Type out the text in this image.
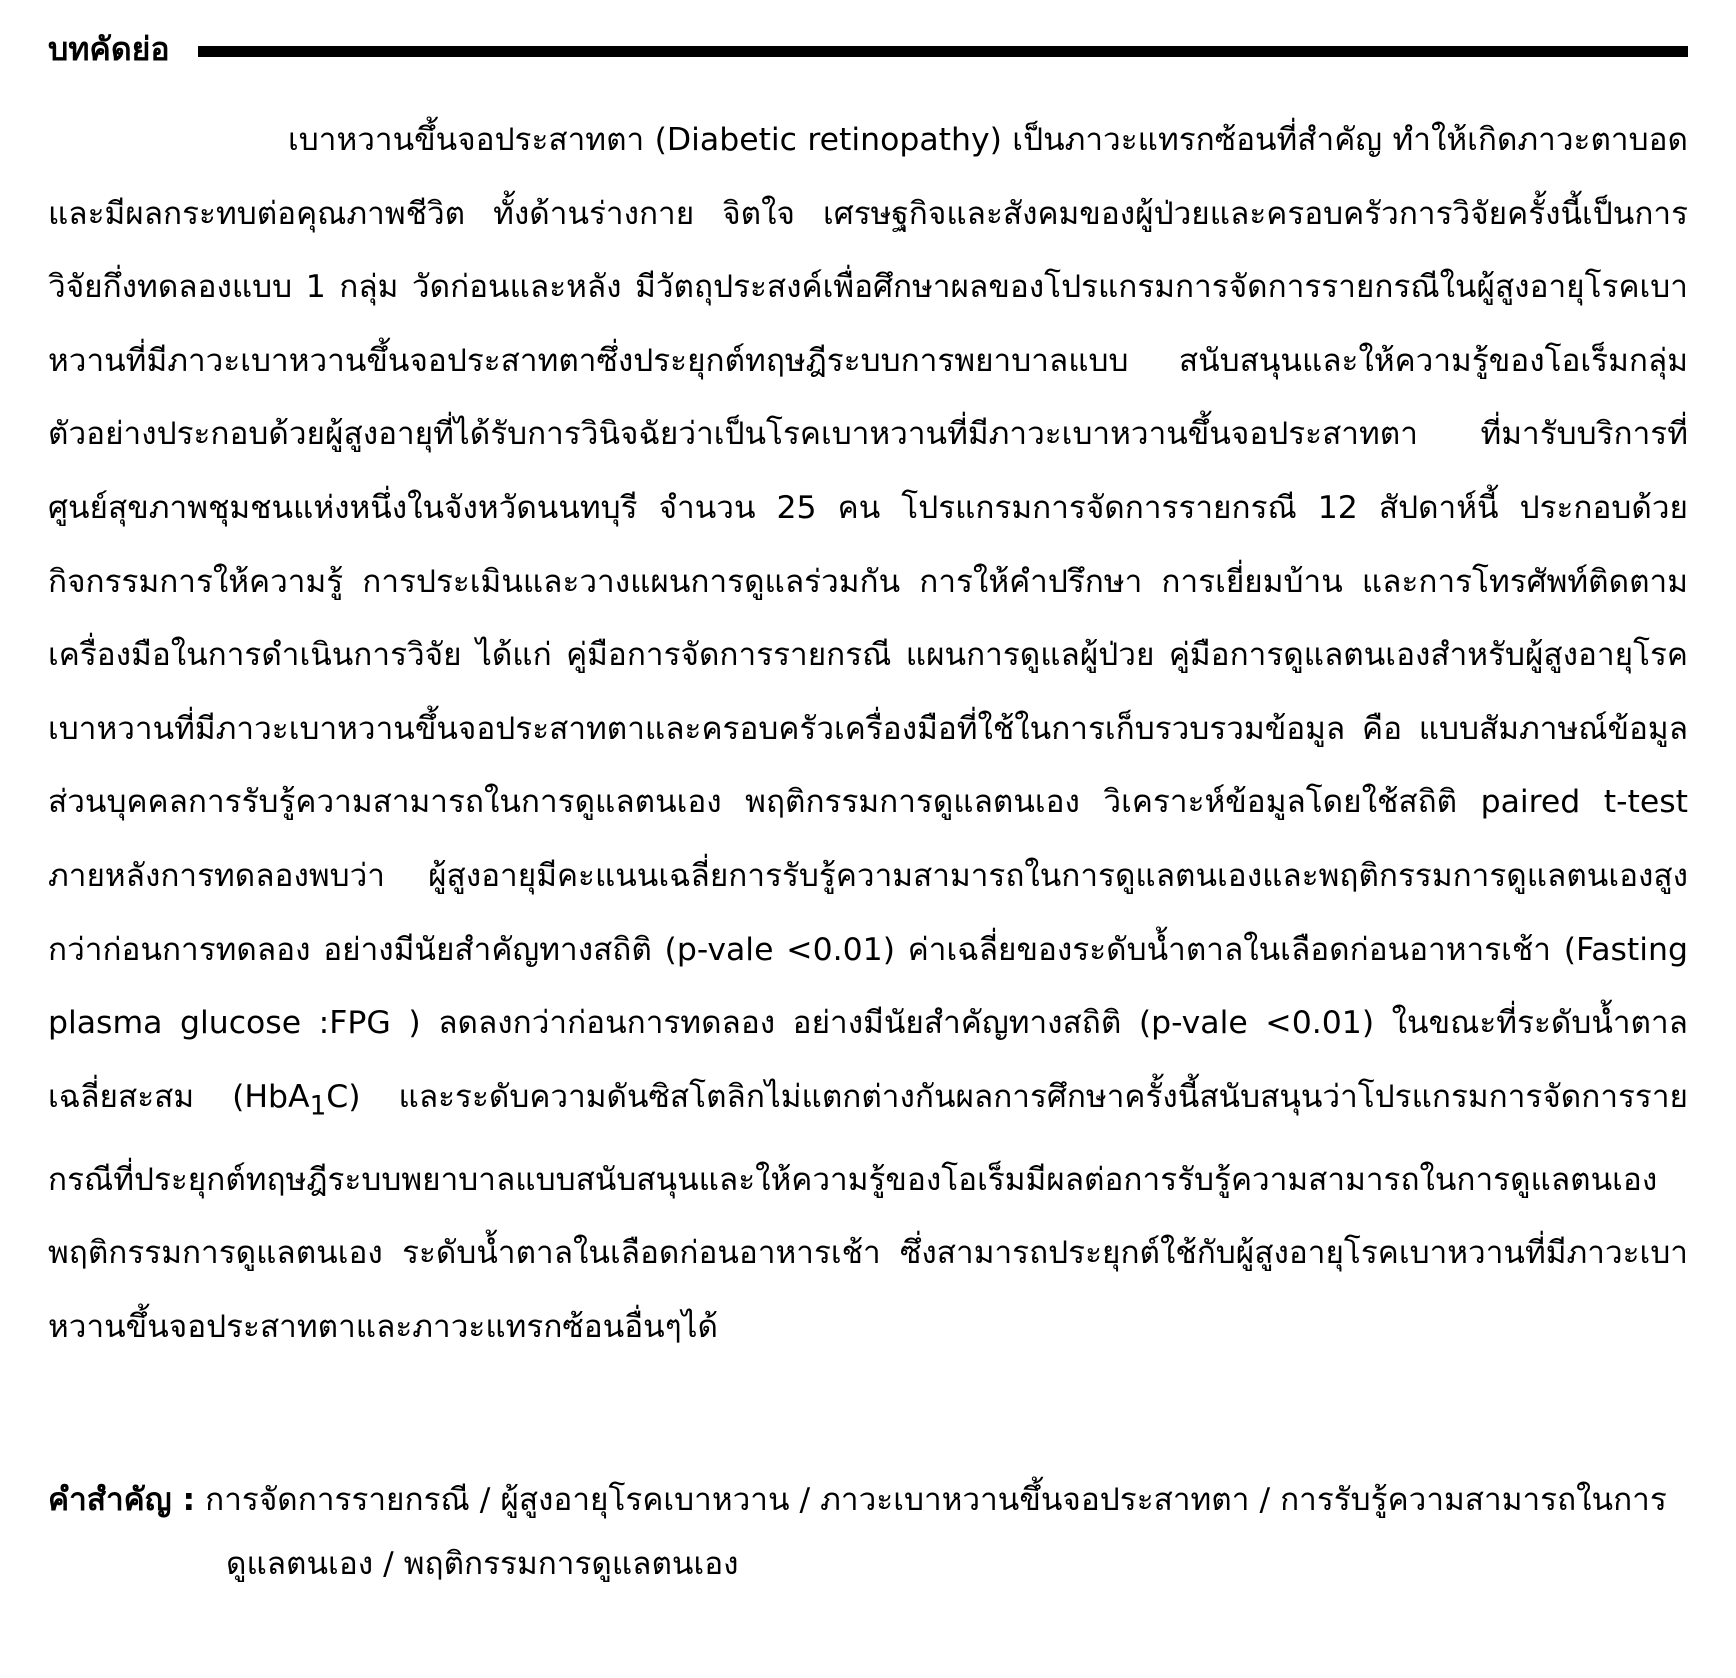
บทคัดย่อ
เบาหวานขึ้นจอประสาทตา (Diabetic retinopathy) เป็นภาวะแทรกซ้อนที่สำคัญ ทำให้เกิดภาวะตาบอดและมีผลกระทบต่อคุณภาพชีวิต ทั้งด้านร่างกาย จิตใจ เศรษฐกิจและสังคมของผู้ป่วยและครอบครัวการวิจัยครั้งนี้เป็นการวิจัยกึ่งทดลองแบบ 1 กลุ่ม วัดก่อนและหลัง มีวัตถุประสงค์เพื่อศึกษาผลของโปรแกรมการจัดการรายกรณีในผู้สูงอายุโรคเบาหวานที่มีภาวะเบาหวานขึ้นจอประสาทตาซึ่งประยุกต์ทฤษฎีระบบการพยาบาลแบบ สนับสนุนและให้ความรู้ของโอเร็มกลุ่มตัวอย่างประกอบด้วยผู้สูงอายุที่ได้รับการวินิจฉัยว่าเป็นโรคเบาหวานที่มีภาวะเบาหวานขึ้นจอประสาทตา ที่มารับบริการที่ศูนย์สุขภาพชุมชนแห่งหนึ่งในจังหวัดนนทบุรี จำนวน 25 คน โปรแกรมการจัดการรายกรณี 12 สัปดาห์นี้ ประกอบด้วย กิจกรรมการให้ความรู้ การประเมินและวางแผนการดูแลร่วมกัน การให้คำปรึกษา การเยี่ยมบ้าน และการโทรศัพท์ติดตาม เครื่องมือในการดำเนินการวิจัย ได้แก่ คู่มือการจัดการรายกรณี แผนการดูแลผู้ป่วย คู่มือการดูแลตนเองสำหรับผู้สูงอายุโรคเบาหวานที่มีภาวะเบาหวานขึ้นจอประสาทตาและครอบครัวเครื่องมือที่ใช้ในการเก็บรวบรวมข้อมูล คือ แบบสัมภาษณ์ข้อมูลส่วนบุคคลการรับรู้ความสามารถในการดูแลตนเอง พฤติกรรมการดูแลตนเอง วิเคราะห์ข้อมูลโดยใช้สถิติ paired t-test ภายหลังการทดลองพบว่า ผู้สูงอายุมีคะแนนเฉลี่ยการรับรู้ความสามารถในการดูแลตนเองและพฤติกรรมการดูแลตนเองสูงกว่าก่อนการทดลอง อย่างมีนัยสำคัญทางสถิติ (p-vale <0.01) ค่าเฉลี่ยของระดับน้ำตาลในเลือดก่อนอาหารเช้า (Fasting plasma glucose :FPG ) ลดลงกว่าก่อนการทดลอง อย่างมีนัยสำคัญทางสถิติ (p-vale <0.01) ในขณะที่ระดับน้ำตาลเฉลี่ยสะสม (HbA$_1$C) และระดับความดันซิสโตลิกไม่แตกต่างกันผลการศึกษาครั้งนี้สนับสนุนว่าโปรแกรมการจัดการรายกรณีที่ประยุกต์ทฤษฎีระบบพยาบาลแบบสนับสนุนและให้ความรู้ของโอเร็มมีผลต่อการรับรู้ความสามารถในการดูแลตนเอง พฤติกรรมการดูแลตนเอง ระดับน้ำตาลในเลือดก่อนอาหารเช้า ซึ่งสามารถประยุกต์ใช้กับผู้สูงอายุโรคเบาหวานที่มีภาวะเบาหวานขึ้นจอประสาทตาและภาวะแทรกซ้อนอื่นๆได้
คำสำคัญ : การจัดการรายกรณี / ผู้สูงอายุโรคเบาหวาน / ภาวะเบาหวานขึ้นจอประสาทตา / การรับรู้ความสามารถในการดูแลตนเอง / พฤติกรรมการดูแลตนเอง
